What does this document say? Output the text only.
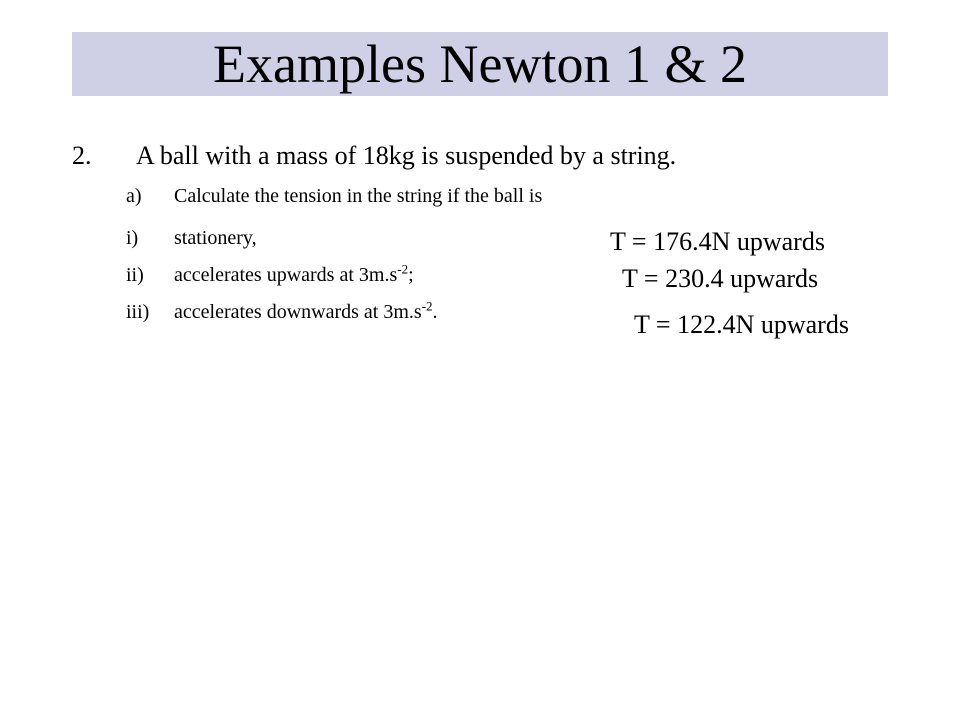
Examples Newton 1 & 2
2. A ball with a mass of 18kg is suspended by a string.
a) Calculate the tension in the string if the ball is
i) stationery,
ii) accelerates upwards at $3m.s^{-2}$;
iii) accelerates downwards at $3m.s^{-2}$.
T = 176.4N upwards
T = 230.4 upwards
T = 122.4N upwards
